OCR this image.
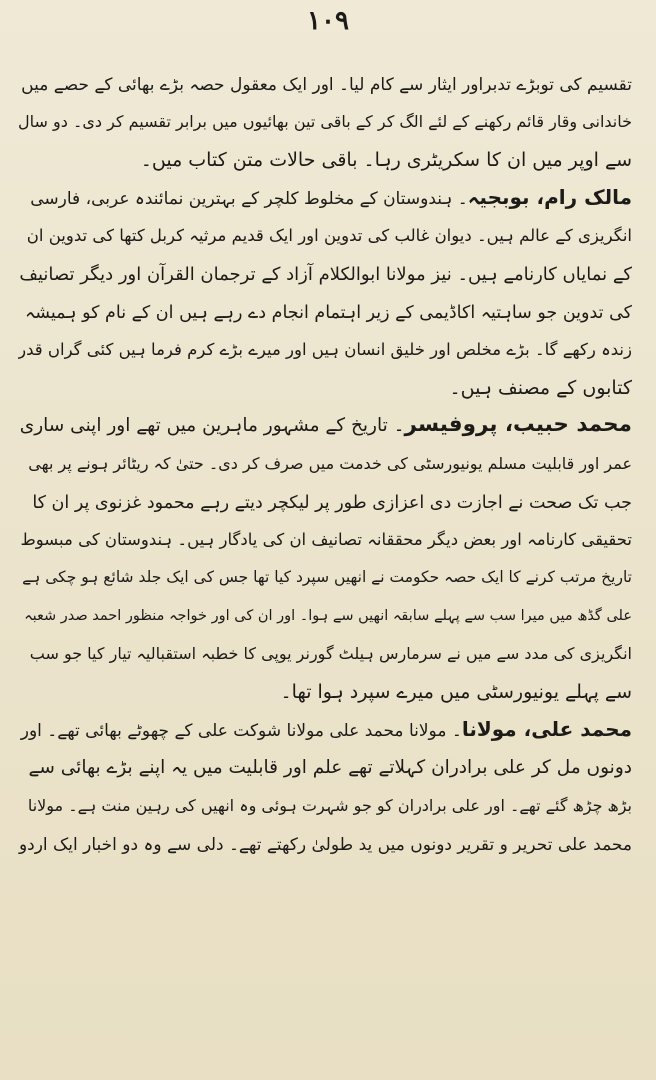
١٠٩
تقسیم کی توبڑے تدبراور ایثار سے کام لیا۔ اور ایک معقول حصہ بڑے بھائی کے حصے میں
خاندانی وقار قائم رکھنے کے لئے الگ کر کے باقی تین بھائیوں میں برابر تقسیم کر دی۔ دو سال
سے اوپر میں ان کا سکریٹری رہا۔ باقی حالات متن کتاب میں۔
مالک رام، بوبجیہ۔ ہندوستان کے مخلوط کلچر کے بہترین نمائندہ عربی، فارسی
انگریزی کے عالم ہیں۔ دیوان غالب کی تدوین اور ایک قدیم مرثیہ کربل کتھا کی تدوین ان
کے نمایاں کارنامے ہیں۔ نیز مولانا ابوالکلام آزاد کے ترجمان القرآن اور دیگر تصانیف
کی تدوین جو ساہتیہ اکاڈیمی کے زیر اہتمام انجام دے رہے ہیں ان کے نام کو ہمیشہ
زندہ رکھے گا۔ بڑے مخلص اور خلیق انسان ہیں اور میرے بڑے کرم فرما ہیں کئی گراں قدر
کتابوں کے مصنف ہیں۔
محمد حبیب، پروفیسر۔ تاریخ کے مشہور ماہرین میں تھے اور اپنی ساری
عمر اور قابلیت مسلم یونیورسٹی کی خدمت میں صرف کر دی۔ حتیٰ کہ ریٹائر ہونے پر بھی
جب تک صحت نے اجازت دی اعزازی طور پر لیکچر دیتے رہے محمود غزنوی پر ان کا
تحقیقی کارنامہ اور بعض دیگر محققانہ تصانیف ان کی یادگار ہیں۔ ہندوستان کی مبسوط
تاریخ مرتب کرنے کا ایک حصہ حکومت نے انھیں سپرد کیا تھا جس کی ایک جلد شائع ہو چکی ہے
علی گڈھ میں میرا سب سے پہلے سابقہ انھیں سے ہوا۔ اور ان کی اور خواجہ منظور احمد صدر شعبہ
انگریزی کی مدد سے میں نے سرمارس ہیلٹ گورنر یوپی کا خطبہ استقبالیہ تیار کیا جو سب
سے پہلے یونیورسٹی میں میرے سپرد ہوا تھا۔
محمد علی، مولانا۔ مولانا محمد علی مولانا شوکت علی کے چھوٹے بھائی تھے۔ اور
دونوں مل کر علی برادران کہلاتے تھے علم اور قابلیت میں یہ اپنے بڑے بھائی سے
بڑھ چڑھ گئے تھے۔ اور علی برادران کو جو شہرت ہوئی وہ انھیں کی رہین منت ہے۔ مولانا
محمد علی تحریر و تقریر دونوں میں ید طولیٰ رکھتے تھے۔ دلی سے وہ دو اخبار ایک اردو
